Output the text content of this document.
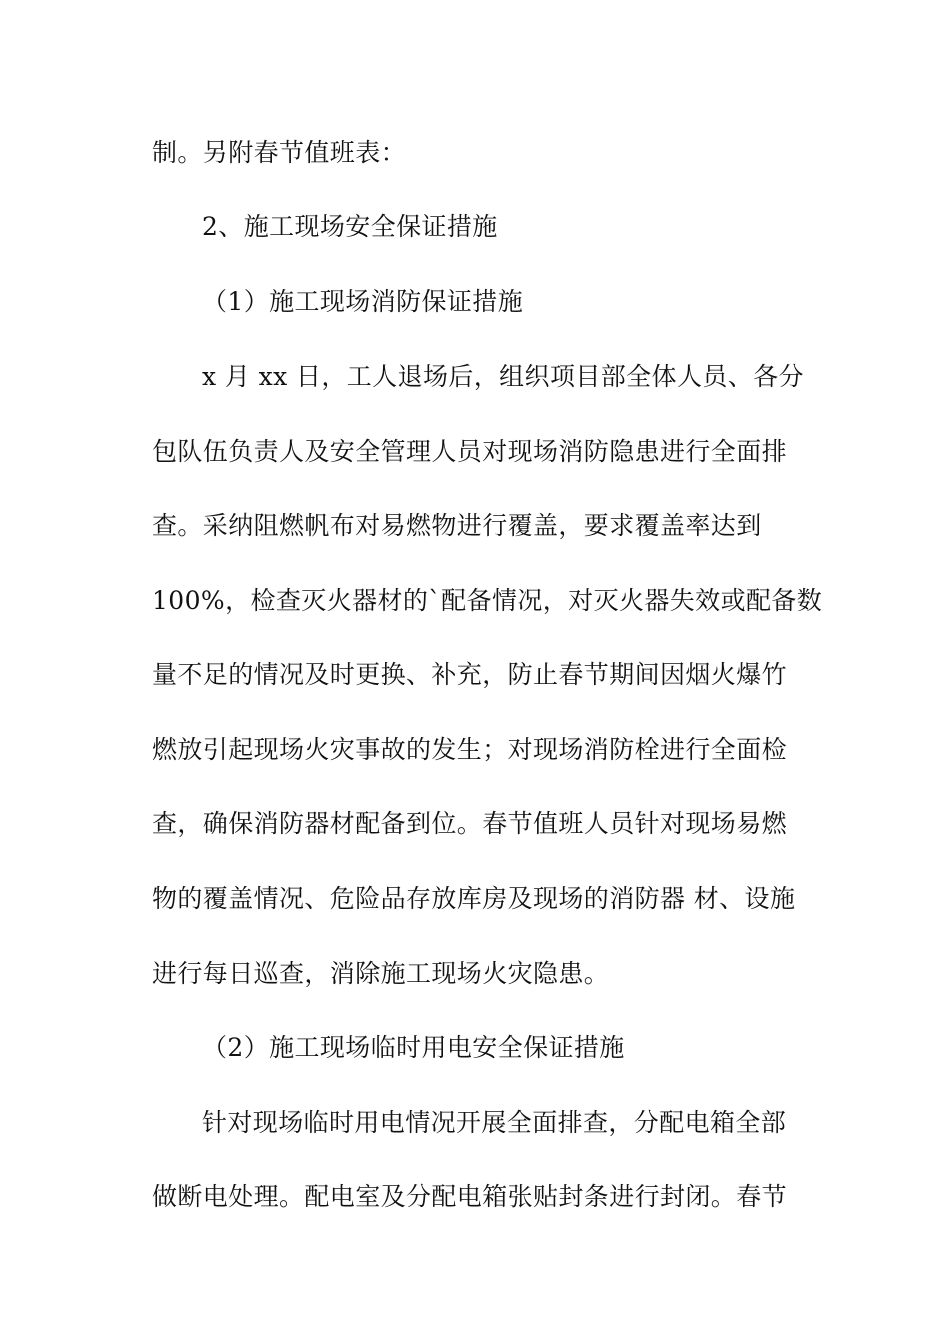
制。另附春节值班表：
2、施工现场安全保证措施
（1）施工现场消防保证措施
x 月 xx 日，工人退场后，组织项目部全体人员、各分
包队伍负责人及安全管理人员对现场消防隐患进行全面排
查。采纳阻燃帆布对易燃物进行覆盖，要求覆盖率达到
100%，检查灭火器材的`配备情况，对灭火器失效或配备数
量不足的情况及时更换、补充，防止春节期间因烟火爆竹
燃放引起现场火灾事故的发生；对现场消防栓进行全面检
查，确保消防器材配备到位。春节值班人员针对现场易燃
物的覆盖情况、危险品存放库房及现场的消防器 材、设施
进行每日巡查，消除施工现场火灾隐患。
（2）施工现场临时用电安全保证措施
针对现场临时用电情况开展全面排查，分配电箱全部
做断电处理。配电室及分配电箱张贴封条进行封闭。春节
